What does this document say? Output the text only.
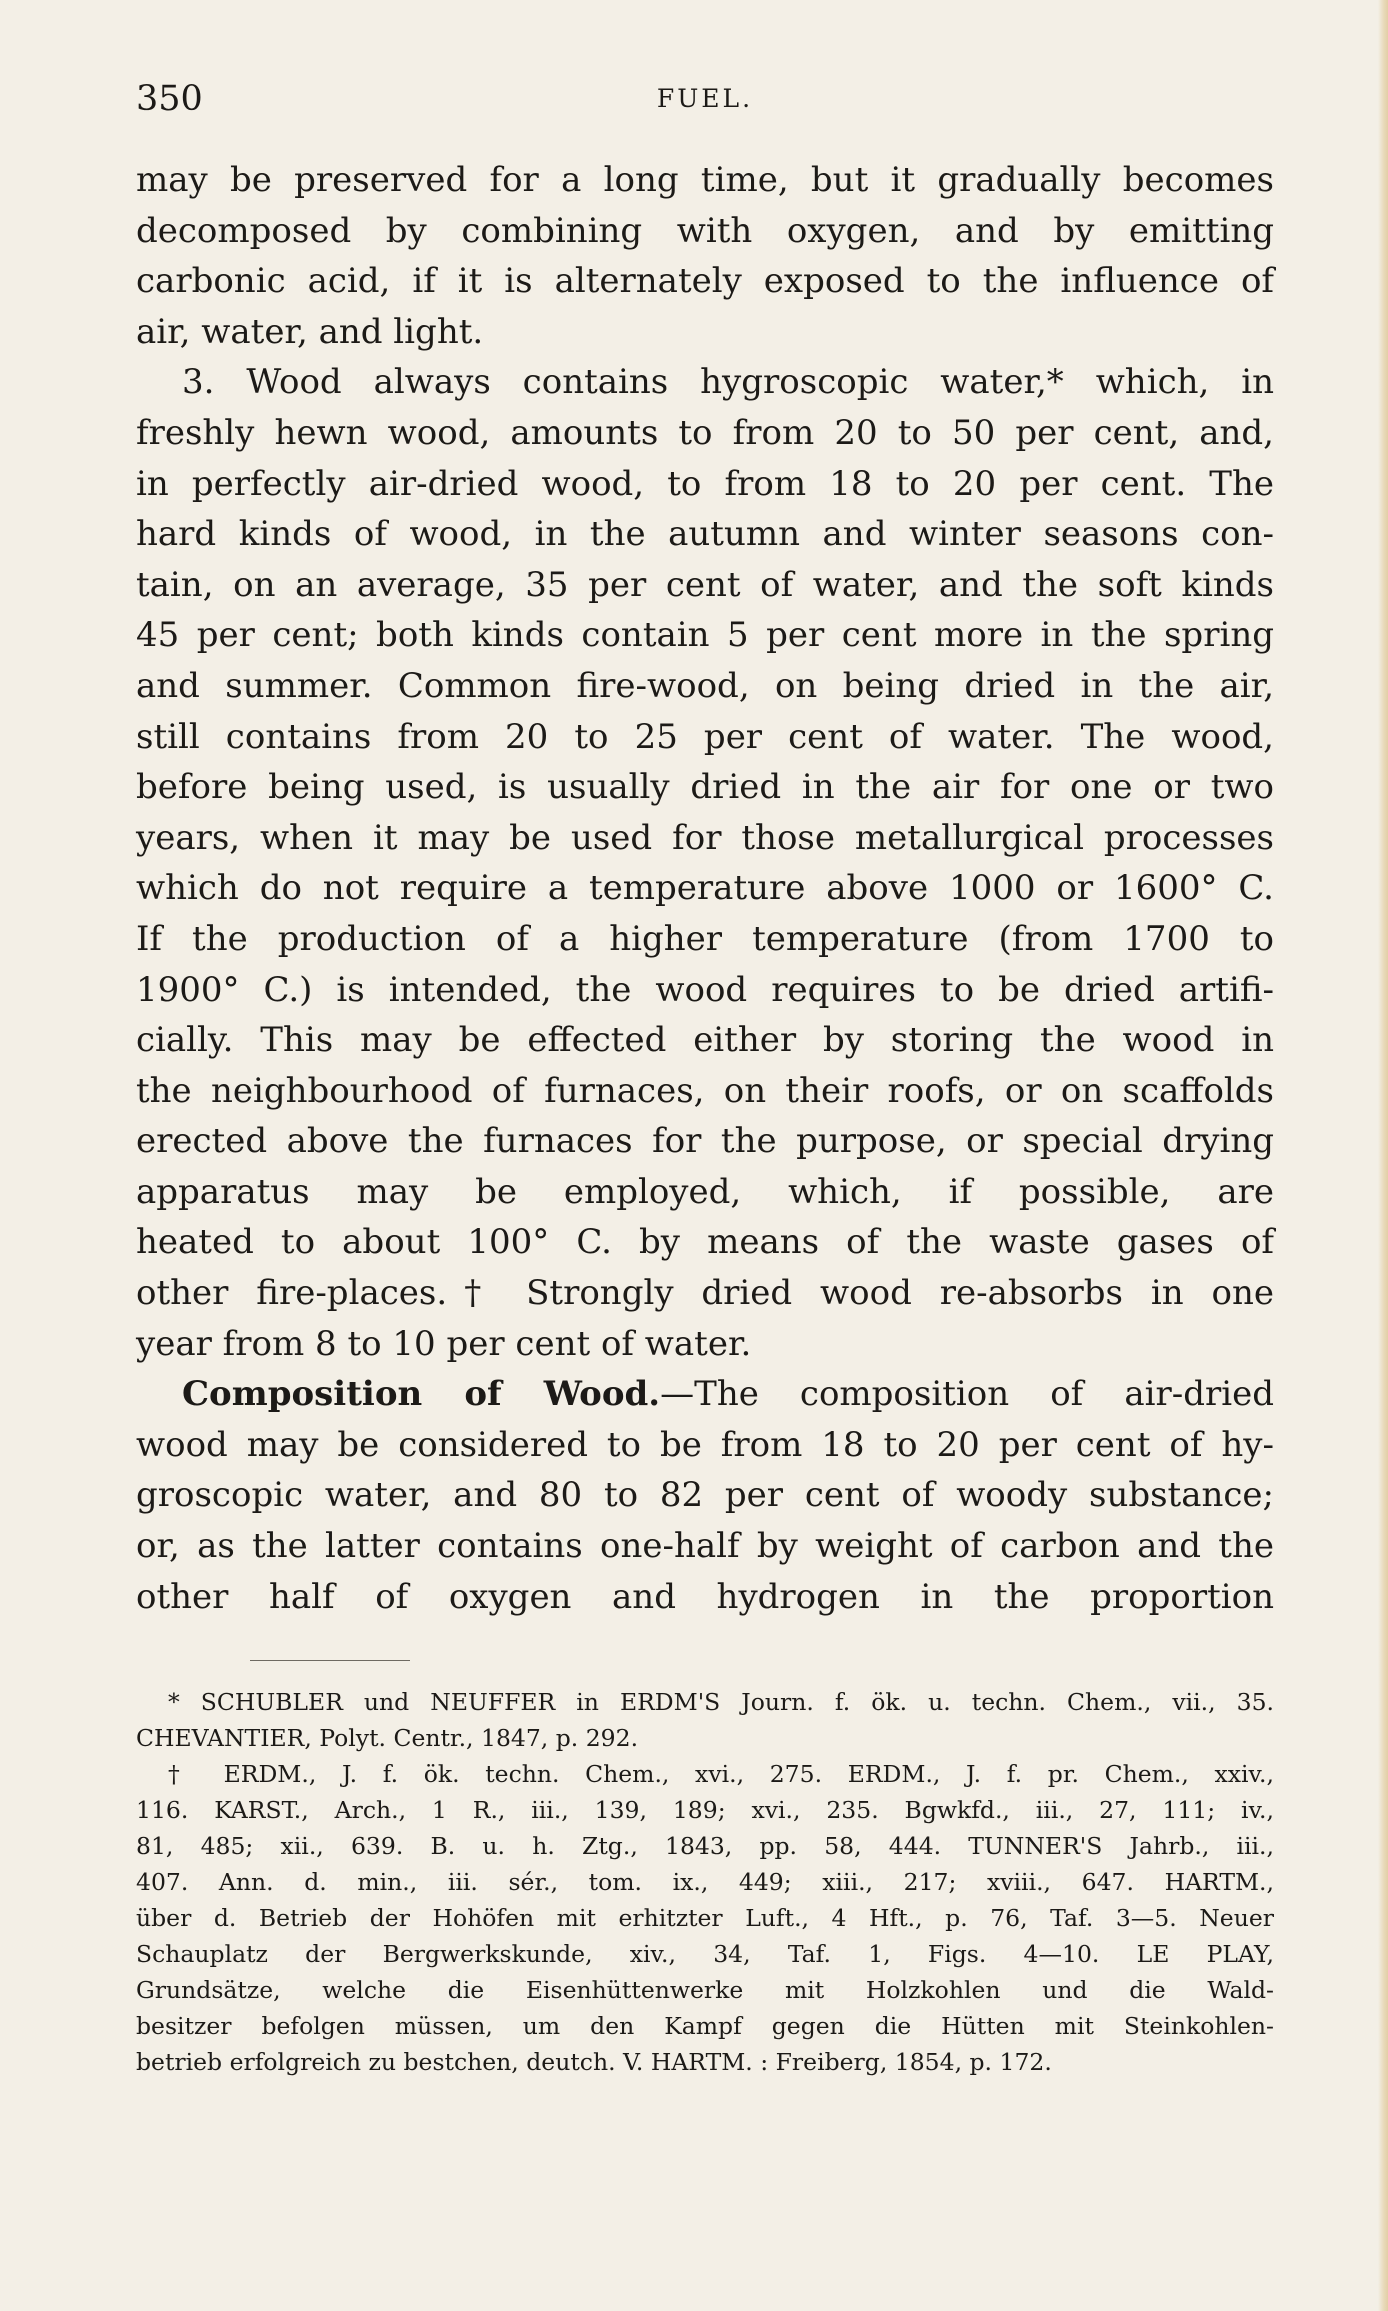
350	FUEL.
may be preserved for a long time, but it gradually becomes
decomposed by combining with oxygen, and by emitting
carbonic acid, if it is alternately exposed to the influence of
air, water, and light.
3. Wood always contains hygroscopic water,* which, in
freshly hewn wood, amounts to from 20 to 50 per cent, and,
in perfectly air-dried wood, to from 18 to 20 per cent. The
hard kinds of wood, in the autumn and winter seasons con-
tain, on an average, 35 per cent of water, and the soft kinds
45 per cent; both kinds contain 5 per cent more in the spring
and summer. Common fire-wood, on being dried in the air,
still contains from 20 to 25 per cent of water. The wood,
before being used, is usually dried in the air for one or two
years, when it may be used for those metallurgical processes
which do not require a temperature above 1000 or 1600° C.
If the production of a higher temperature (from 1700 to
1900° C.) is intended, the wood requires to be dried artifi-
cially. This may be effected either by storing the wood in
the neighbourhood of furnaces, on their roofs, or on scaffolds
erected above the furnaces for the purpose, or special drying
apparatus may be employed, which, if possible, are
heated to about 100° C. by means of the waste gases of
other fire-places.† Strongly dried wood re-absorbs in one
year from 8 to 10 per cent of water.
Composition of Wood.—The composition of air-dried
wood may be considered to be from 18 to 20 per cent of hy-
groscopic water, and 80 to 82 per cent of woody substance;
or, as the latter contains one-half by weight of carbon and the
other half of oxygen and hydrogen in the proportion
* SCHUBLER und NEUFFER in ERDM'S Journ. f. ök. u. techn. Chem., vii., 35.
CHEVANTIER, Polyt. Centr., 1847, p. 292.
† ERDM., J. f. ök. techn. Chem., xvi., 275. ERDM., J. f. pr. Chem., xxiv.,
116. KARST., Arch., 1 R., iii., 139, 189; xvi., 235. Bgwkfd., iii., 27, 111; iv.,
81, 485; xii., 639. B. u. h. Ztg., 1843, pp. 58, 444. TUNNER'S Jahrb., iii.,
407. Ann. d. min., iii. sér., tom. ix., 449; xiii., 217; xviii., 647. HARTM.,
über d. Betrieb der Hohöfen mit erhitzter Luft., 4 Hft., p. 76, Taf. 3—5. Neuer
Schauplatz der Bergwerkskunde, xiv., 34, Taf. 1, Figs. 4—10. LE PLAY,
Grundsätze, welche die Eisenhüttenwerke mit Holzkohlen und die Wald-
besitzer befolgen müssen, um den Kampf gegen die Hütten mit Steinkohlen-
betrieb erfolgreich zu bestchen, deutch. V. HARTM. : Freiberg, 1854, p. 172.
